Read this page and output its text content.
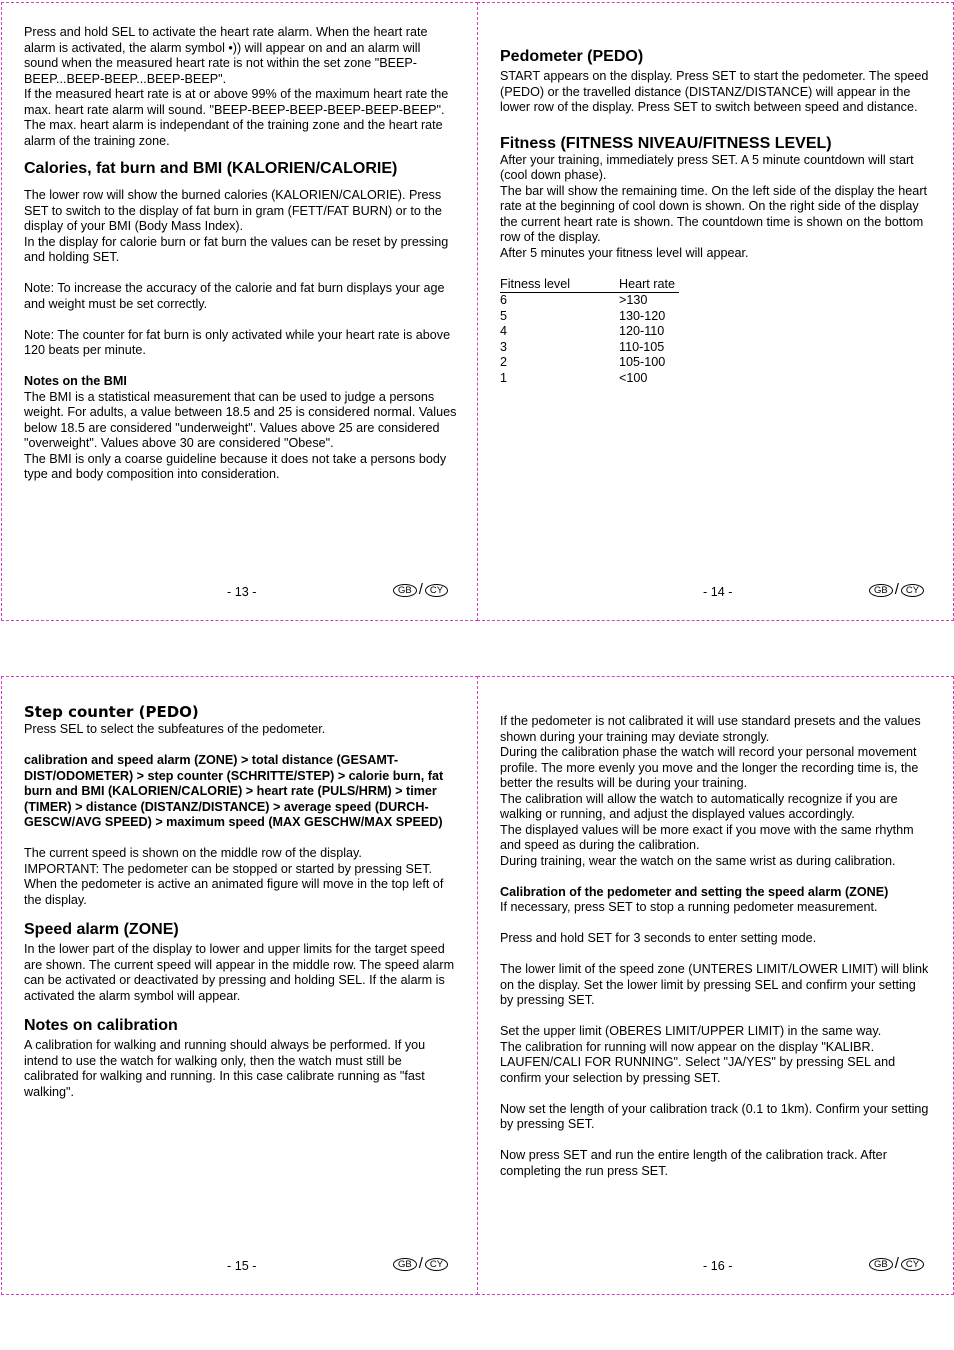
Press and hold SEL to activate the heart rate alarm. When the heart rate alarm is activated, the alarm symbol •)) will appear on and an alarm will sound when the measured heart rate is not within the set zone "BEEP-BEEP...BEEP-BEEP...BEEP-BEEP".
If the measured heart rate is at or above 99% of the maximum heart rate the max. heart rate alarm will sound. "BEEP-BEEP-BEEP-BEEP-BEEP-BEEP". The max. heart alarm is independant of the training zone and the heart rate alarm of the training zone.

Calories, fat burn and BMI (KALORIEN/CALORIE)

The lower row will show the burned calories (KALORIEN/CALORIE). Press SET to switch to the display of fat burn in gram (FETT/FAT BURN) or to the display of your BMI (Body Mass Index).
In the display for calorie burn or fat burn the values can be reset by pressing and holding SET.

Note: To increase the accuracy of the calorie and fat burn displays your age and weight must be set correctly.

Note: The counter for fat burn is only activated while your heart rate is above 120 beats per minute.

Notes on the BMI

The BMI is a statistical measurement that can be used to judge a persons weight. For adults, a value between 18.5 and 25 is considered normal. Values below 18.5 are considered "underweight". Values above 25 are considered "overweight". Values above 30 are considered "Obese".
The BMI is only a coarse guideline because it does not take a persons body type and body composition into consideration.

- 13 -	GB / CY
Pedometer (PEDO)

START appears on the display. Press SET to start the pedometer. The speed (PEDO) or the travelled distance (DISTANZ/DISTANCE) will appear in the lower row of the display. Press SET to switch between speed and distance.

Fitness (FITNESS NIVEAU/FITNESS LEVEL)

After your training, immediately press SET. A 5 minute countdown will start (cool down phase).
The bar will show the remaining time. On the left side of the display the heart rate at the beginning of cool down is shown. On the right side of the display the current heart rate is shown. The countdown time is shown on the bottom row of the display.
After 5 minutes your fitness level will appear.

Fitness level	Heart rate
6	>130
5	130-120
4	120-110
3	110-105
2	105-100
1	<100
- 14 -	GB / CY
Step counter (PEDO)

Press SEL to select the subfeatures of the pedometer.

calibration and speed alarm (ZONE) > total distance (GESAMT-DIST/ODOMETER) > step counter (SCHRITTE/STEP) > calorie burn, fat burn and BMI (KALORIEN/CALORIE) > heart rate (PULS/HRM) > timer (TIMER) > distance (DISTANZ/DISTANCE) > average speed (DURCH-GESCW/AVG SPEED) > maximum speed (MAX GESCHW/MAX SPEED)

The current speed is shown on the middle row of the display.
IMPORTANT: The pedometer can be stopped or started by pressing SET. When the pedometer is active an animated figure will move in the top left of the display.

Speed alarm (ZONE)

In the lower part of the display to lower and upper limits for the target speed are shown. The current speed will appear in the middle row. The speed alarm can be activated or deactivated by pressing and holding SEL. If the alarm is activated the alarm symbol will appear.

Notes on calibration

A calibration for walking and running should always be performed. If you intend to use the watch for walking only, then the watch must still be calibrated for walking and running. In this case calibrate running as "fast walking".

- 15 -	GB / CY

If the pedometer is not calibrated it will use standard presets and the values shown during your training may deviate strongly.
During the calibration phase the watch will record your personal movement profile. The more evenly you move and the longer the recording time is, the better the results will be during your training.
The calibration will allow the watch to automatically recognize if you are walking or running, and adjust the displayed values accordingly.
The displayed values will be more exact if you move with the same rhythm and speed as during the calibration.
During training, wear the watch on the same wrist as during calibration.

Calibration of the pedometer and setting the speed alarm (ZONE)

If necessary, press SET to stop a running pedometer measurement.

Press and hold SET for 3 seconds to enter setting mode.

The lower limit of the speed zone (UNTERES LIMIT/LOWER LIMIT) will blink on the display. Set the lower limit by pressing SEL and confirm your setting by pressing SET.

Set the upper limit (OBERES LIMIT/UPPER LIMIT) in the same way.
The calibration for running will now appear on the display "KALIBR. LAUFEN/CALI FOR RUNNING". Select "JA/YES" by pressing SEL and confirm your selection by pressing SET.

Now set the length of your calibration track (0.1 to 1km). Confirm your setting by pressing SET.

Now press SET and run the entire length of the calibration track. After completing the run press SET.

- 16 -	GB / CY
